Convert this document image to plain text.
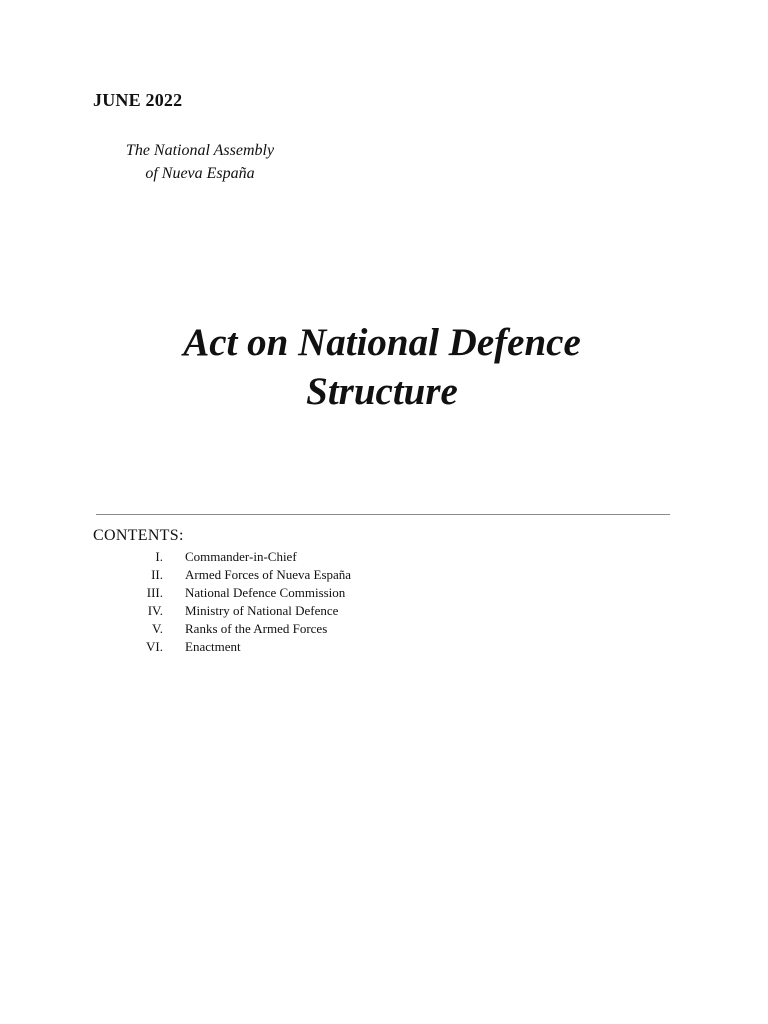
JUNE 2022
The National Assembly
of Nueva España
Act on National Defence
Structure
CONTENTS:
I. Commander-in-Chief
II. Armed Forces of Nueva España
III. National Defence Commission
IV. Ministry of National Defence
V. Ranks of the Armed Forces
VI. Enactment
